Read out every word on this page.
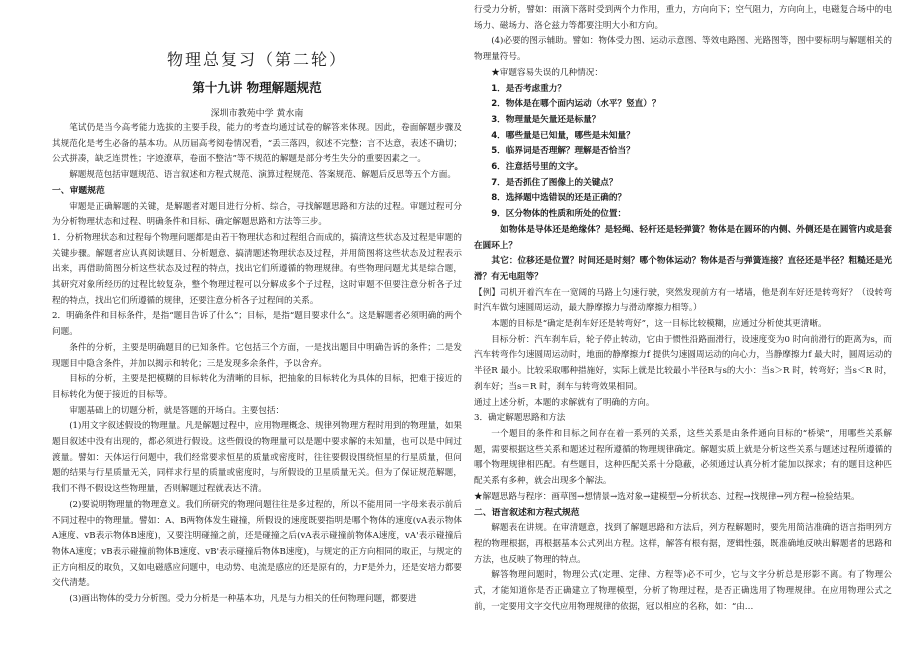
物理总复习（第二轮）
第十九讲 物理解题规范
深圳市教苑中学 黄水南

笔试仍是当今高考能力选拔的主要手段，能力的考查均通过试卷的解答来体现。因此，卷面解题步骤及其规范化是考生必备的基本功。从历届高考阅卷情况看，“丢三落四，叙述不完整；言不达意，表述不确切；公式拼凑，缺乏连贯性；字迹潦草，卷面不整洁”等不规范的解题是部分考生失分的重要因素之一。

解题规范包括审题规范、语言叙述和方程式规范、演算过程规范、答案规范、解题后反思等五个方面。

一、审题规范

审题是正确解题的关键，是解题者对题目进行分析、综合，寻找解题思路和方法的过程。审题过程可分为分析物理状态和过程、明确条件和目标、确定解题思路和方法等三步。

1．分析物理状态和过程每个物理问题都是由若干物理状态和过程组合而成的，搞清这些状态及过程是审题的关键步骤。解题者应认真阅读题目、分析题意、搞清题述物理状态及过程，并用简图将这些状态及过程表示出来，再借助简图分析这些状态及过程的特点，找出它们所遵循的物理规律。有些物理问题尤其是综合题，其研究对象所经历的过程比较复杂，整个物理过程可以分解成多个子过程，这时审题不但要注意分析各子过程的特点，找出它们所遵循的规律，还要注意分析各子过程间的关系。

2．明确条件和目标条件，是指“题目告诉了什么”；目标，是指“题目要求什么”。这是解题者必须明确的两个问题。

条件的分析，主要是明确题目的已知条件。它包括三个方面，一是找出题目中明确告诉的条件；二是发现题目中隐含条件，并加以揭示和转化；三是发现多余条件，予以舍弃。

目标的分析，主要是把模糊的目标转化为清晰的目标，把抽象的目标转化为具体的目标，把难于接近的目标转化为便于接近的目标等。

审题基础上的切题分析，就是答题的开场白。主要包括：

(1)用文字叙述假设的物理量。凡是解题过程中，应用物理概念、规律列物理方程时用到的物理量，如果题目叙述中没有出现的，都必须进行假设。这些假设的物理量可以是题中要求解的未知量，也可以是中间过渡量。譬如：天体运行问题中，我们经常要求恒星的质量或密度时，往往要假设围绕恒星的行星质量，但问题的结果与行星质量无关，同样求行星的质量或密度时，与所假设的卫星质量无关。但为了保证规范解题，我们不得不假设这些物理量，否则解题过程就表达不清。

(2)要说明物理量的物理意义。我们所研究的物理问题往往是多过程的，所以不能用同一字母来表示前后不同过程中的物理量。譬如：A、B两物体发生碰撞，所假设的速度既要指明是哪个物体的速度(vA表示物体A速度、vB表示物体B速度)，又要注明碰撞之前，还是碰撞之后(vA表示碰撞前物体A速度，vA'表示碰撞后物体A速度；vB表示碰撞前物体B速度、vB'表示碰撞后物体B速度)，与规定的正方向相同的取正，与规定的正方向相反的取负，又如电磁感应问题中，电动势、电流是感应的还是原有的，力F是外力，还是安培力都要交代清楚。

(3)画出物体的受力分析图。受力分析是一种基本功，凡是与力相关的任何物理问题，都要进

行受力分析，譬如：雨滴下落时受到两个力作用，重力，方向向下；空气阻力，方向向上，电磁复合场中的电场力、磁场力、洛仑兹力等都要注明大小和方向。

(4)必要的图示辅助。譬如：物体受力图、运动示意图、等效电路图、光路图等，图中要标明与解题相关的物理量符号。

★审题容易失误的几种情况：

1．是否考虑重力？

2．物体是在哪个面内运动（水平？竖直）？

3．物理量是矢量还是标量？

4．哪些量是已知量，哪些是未知量？

5．临界词是否理解？理解是否恰当？

6．注意括号里的文字。

7．是否抓住了图像上的关键点？

8．选择题中选错误的还是正确的？

9．区分物体的性质和所处的位置：

　　　如物体是导体还是绝缘体？是轻绳、轻杆还是轻弹簧？物体是在圆环的内侧、外侧还是在圆管内或是套在圆环上？

　　其它：位移还是位置？时间还是时刻？哪个物体运动？物体是否与弹簧连接？直径还是半径？粗糙还是光滑？有无电阻等？

【例】司机开着汽车在一宽阔的马路上匀速行驶，突然发现前方有一堵墙，他是刹车好还是转弯好？（设转弯时汽车做匀速圆周运动，最大静摩擦力与滑动摩擦力相等。）

本题的目标是“确定是刹车好还是转弯好”，这一目标比较模糊，应通过分析使其更清晰。

目标分析：汽车刹车后，轮子停止转动，它由于惯性沿路面滑行，设速度变为0 时向前滑行的距离为s，而汽车转弯作匀速圆周运动时，地面的静摩擦力f 提供匀速圆周运动的向心力，当静摩擦力f 最大时，圆周运动的半径R 最小。比较采取哪种措施好，实际上就是比较最小半径R与s的大小：当s＞R 时，转弯好；当s＜R 时，刹车好；当s＝R 时，刹车与转弯效果相同。

通过上述分析，本题的求解就有了明确的方向。

3．确定解题思路和方法

一个题目的条件和目标之间存在着一系列的关系，这些关系是由条件通向目标的“桥梁”，用哪些关系解题，需要根据这些关系和题述过程所遵循的物理规律确定。解题实质上就是分析这些关系与题述过程所遵循的哪个物理规律相匹配。有些题目，这种匹配关系十分隐蔽，必须通过认真分析才能加以探求；有的题目这种匹配关系有多种，就会出现多个解法。

★解题思路与程序：画草图→想情景→选对象→建模型→分析状态、过程→找规律→列方程→检验结果。

二、语言叙述和方程式规范

解题表在讲规。在审清题意，找到了解题思路和方法后，列方程解题时，要先用简洁准确的语言指明列方程的物理根据，再根据基本公式列出方程。这样，解答有根有据，逻辑性强，既准确地反映出解题者的思路和方法，也反映了物理的特点。

解答物理问题时，物理公式(定理、定律、方程等)必不可少，它与文字分析总是形影不离。有了物理公式，才能知道你是否正确建立了物理模型，分析了物理过程，是否正确选用了物理规律。在应用物理公式之前，一定要用文字交代应用物理规律的依据，冠以相应的名称，如：“由…
